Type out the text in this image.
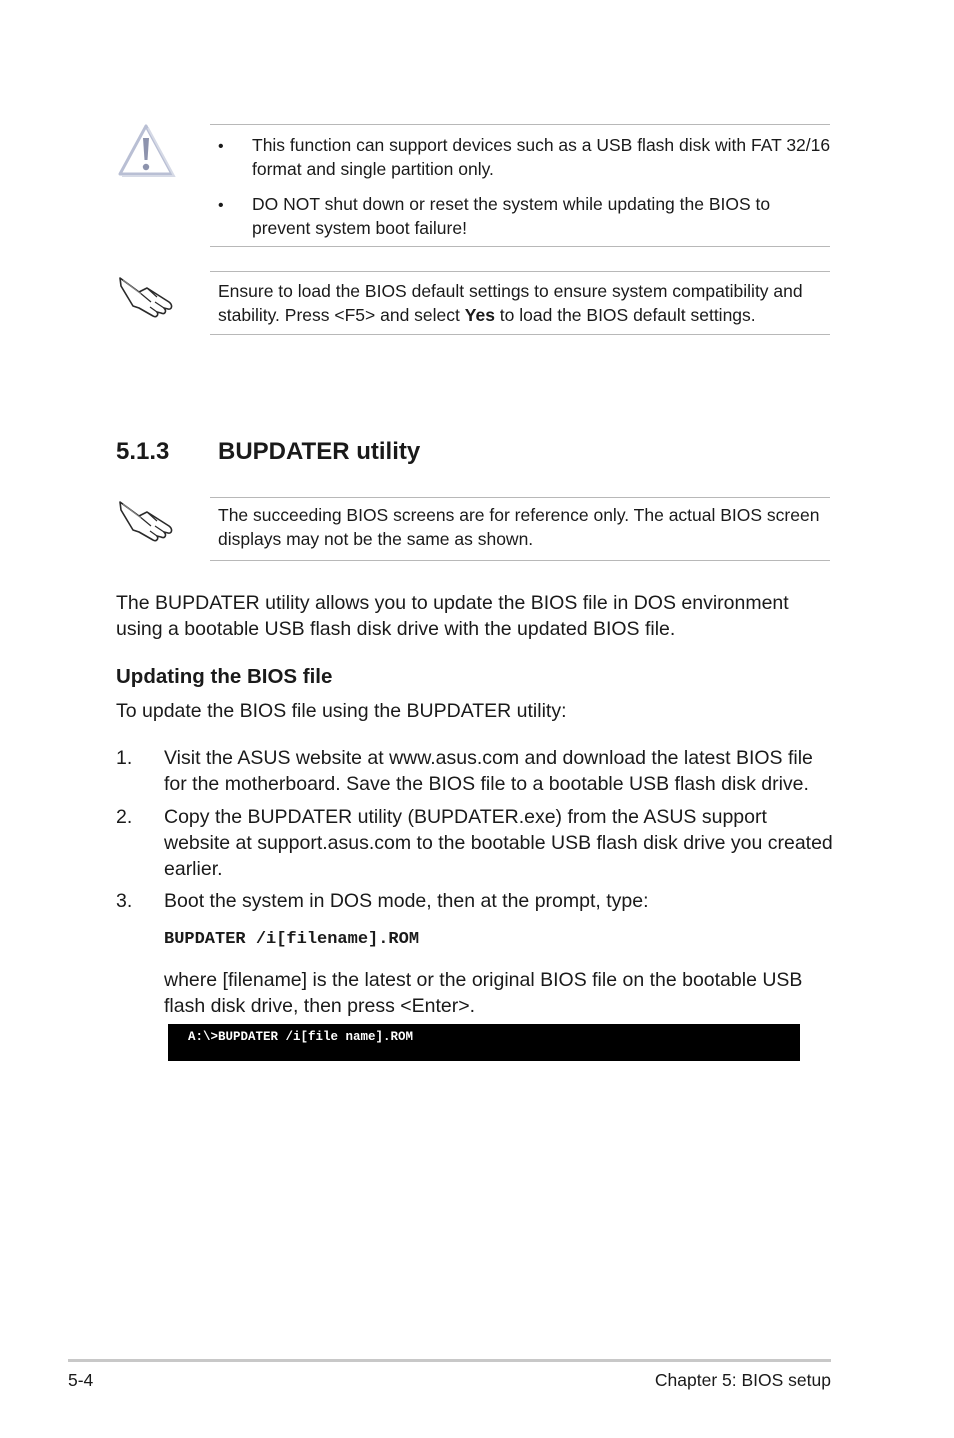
• This function can support devices such as a USB flash disk with FAT 32/16 format and single partition only.
• DO NOT shut down or reset the system while updating the BIOS to prevent system boot failure!
Ensure to load the BIOS default settings to ensure system compatibility and stability. Press <F5> and select Yes to load the BIOS default settings.
5.1.3 BUPDATER utility
The succeeding BIOS screens are for reference only. The actual BIOS screen displays may not be the same as shown.
The BUPDATER utility allows you to update the BIOS file in DOS environment using a bootable USB flash disk drive with the updated BIOS file.
Updating the BIOS file
To update the BIOS file using the BUPDATER utility:
1. Visit the ASUS website at www.asus.com and download the latest BIOS file for the motherboard. Save the BIOS file to a bootable USB flash disk drive.
2. Copy the BUPDATER utility (BUPDATER.exe) from the ASUS support website at support.asus.com to the bootable USB flash disk drive you created earlier.
3. Boot the system in DOS mode, then at the prompt, type:
BUPDATER /i[filename].ROM
where [filename] is the latest or the original BIOS file on the bootable USB flash disk drive, then press <Enter>.
A:\>BUPDATER /i[file name].ROM
5-4	Chapter 5: BIOS setup
